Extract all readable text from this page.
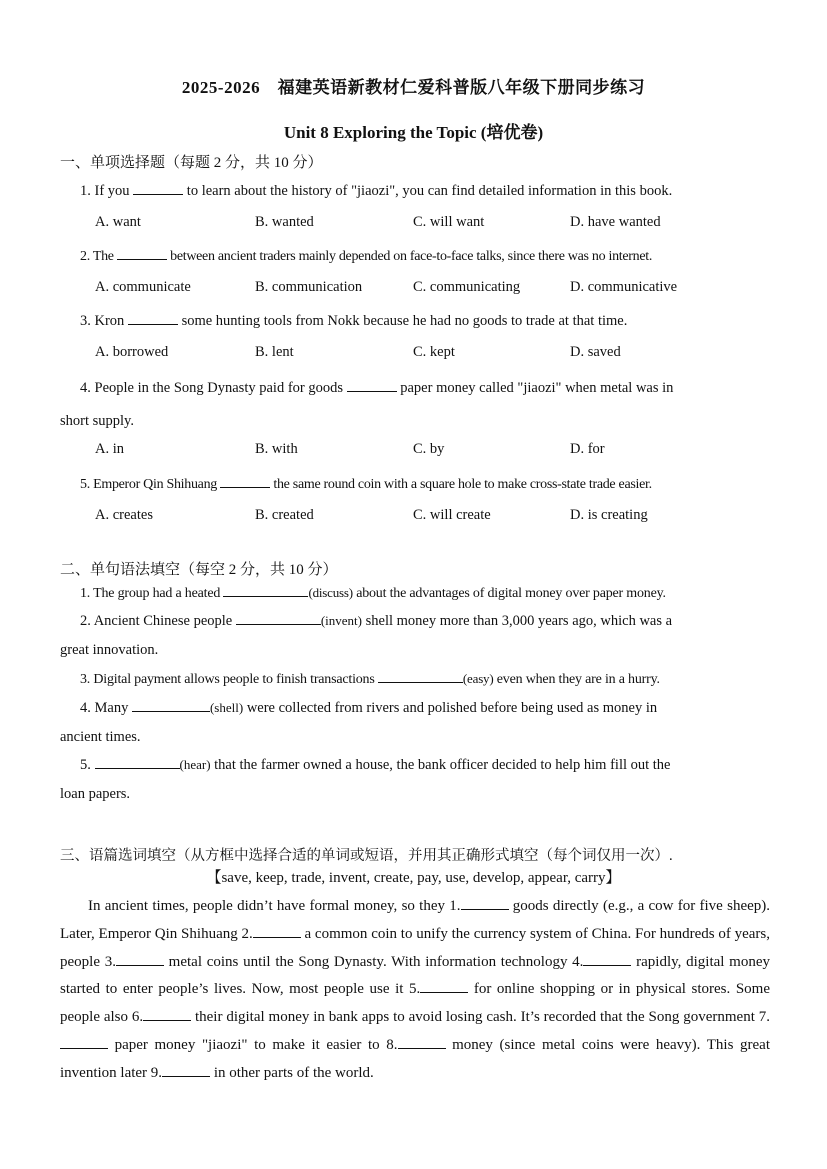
2025-2026　福建英语新教材仁爱科普版八年级下册同步练习
Unit 8 Exploring the Topic (培优卷)
一、单项选择题（每题 2 分，共 10 分）
1. If you	to learn about the history of "jiaozi", you can find detailed information in this book.
A. want	B. wanted	C. will want	D. have wanted
2. The	between ancient traders mainly depended on face-to-face talks, since there was no internet.
A. communicate	B. communication	C. communicating	D. communicative
3. Kron	some hunting tools from Nokk because he had no goods to trade at that time.
A. borrowed	B. lent	C. kept	D. saved
4. People in the Song Dynasty paid for goods	paper money called "jiaozi" when metal was in
short supply.
A. in	B. with	C. by	D. for
5. Emperor Qin Shihuang	the same round coin with a square hole to make cross-state trade easier.
A. creates	B. created	C. will create	D. is creating
二、单句语法填空（每空 2 分，共 10 分）
1. The group had a heated	(discuss) about the advantages of digital money over paper money.
2. Ancient Chinese people	(invent) shell money more than 3,000 years ago, which was a
great innovation.
3. Digital payment allows people to finish transactions	(easy) even when they are in a hurry.
4. Many	(shell) were collected from rivers and polished before being used as money in
ancient times.
5.	(hear) that the farmer owned a house, the bank officer decided to help him fill out the
loan papers.
三、语篇选词填空（从方框中选择合适的单词或短语，并用其正确形式填空（每个词仅用一次）.
【save, keep, trade, invent, create, pay, use, develop, appear, carry】
In ancient times, people didn’t have formal money, so they 1.	goods directly (e.g., a cow for five sheep). Later, Emperor Qin Shihuang 2.	a common coin to unify the currency system of China. For hundreds of years, people 3.	metal coins until the Song Dynasty. With information technology 4.	rapidly, digital money started to enter people’s lives. Now, most people use it 5.	for online shopping or in physical stores. Some people also 6.	their digital money in bank apps to avoid losing cash. It’s recorded that the Song government 7. paper money "jiaozi" to make it easier to 8.	money (since metal coins were heavy). This great invention later 9.	in other parts of the world.
